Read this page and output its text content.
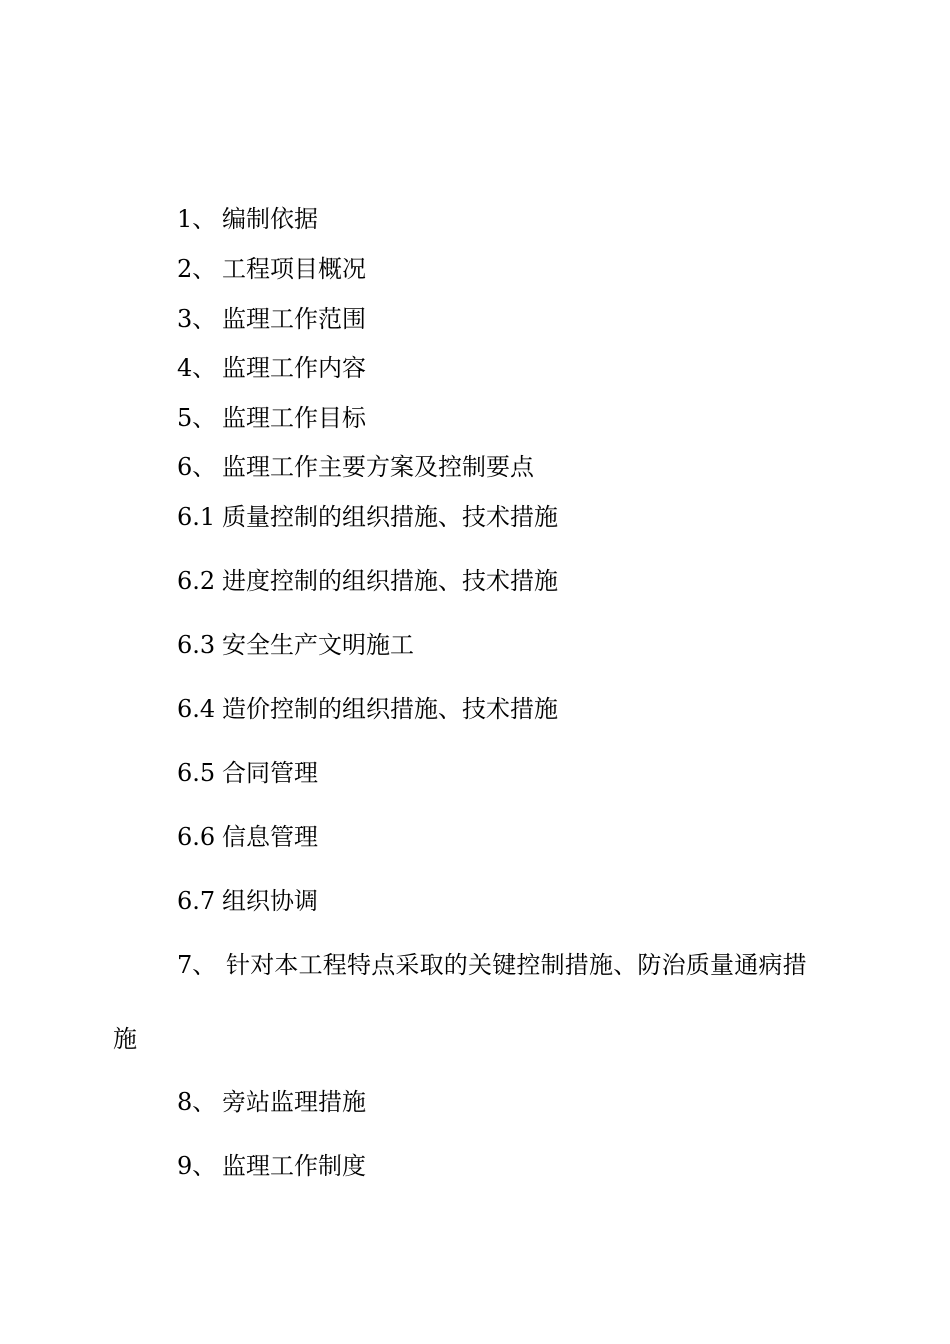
1、 编制依据
2、 工程项目概况
3、 监理工作范围
4、 监理工作内容
5、 监理工作目标
6、 监理工作主要方案及控制要点
6.1 质量控制的组织措施、技术措施
6.2 进度控制的组织措施、技术措施
6.3 安全生产文明施工
6.4 造价控制的组织措施、技术措施
6.5 合同管理
6.6 信息管理
6.7 组织协调
7、 针对本工程特点采取的关键控制措施、防治质量通病措
施
8、 旁站监理措施
9、 监理工作制度
